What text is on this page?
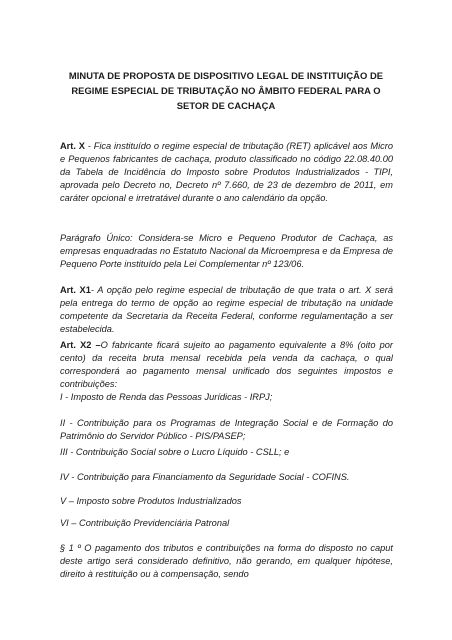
MINUTA DE PROPOSTA DE DISPOSITIVO LEGAL DE INSTITUIÇÃO DE
REGIME ESPECIAL DE TRIBUTAÇÃO NO ÂMBITO FEDERAL PARA O
SETOR DE CACHAÇA
Art. X - Fica instituído o regime especial de tributação (RET) aplicável aos Micro e Pequenos fabricantes de cachaça, produto classificado no código 22.08.40.00 da Tabela de Incidência do Imposto sobre Produtos Industrializados - TIPI, aprovada pelo Decreto no, Decreto nº 7.660, de 23 de dezembro de 2011, em caráter opcional e irretratável durante o ano calendário da opção.
Parágrafo Único: Considera-se Micro e Pequeno Produtor de Cachaça, as empresas enquadradas no Estatuto Nacional da Microempresa e da Empresa de Pequeno Porte instituído pela Lei Complementar nº 123/06.
Art. X1- A opção pelo regime especial de tributação de que trata o art. X será pela entrega do termo de opção ao regime especial de tributação na unidade competente da Secretaria da Receita Federal, conforme regulamentação a ser estabelecida.
Art. X2 –O fabricante ficará sujeito ao pagamento equivalente a 8% (oito por cento) da receita bruta mensal recebida pela venda da cachaça, o qual corresponderá ao pagamento mensal unificado dos seguintes impostos e contribuições:
I - Imposto de Renda das Pessoas Jurídicas - IRPJ;
II - Contribuição para os Programas de Integração Social e de Formação do Patrimônio do Servidor Público - PIS/PASEP;
III - Contribuição Social sobre o Lucro Líquido - CSLL; e
IV - Contribuição para Financiamento da Seguridade Social - COFINS.
V – Imposto sobre Produtos Industrializados
VI – Contribuição Previdenciária Patronal
§ 1 º O pagamento dos tributos e contribuições na forma do disposto no caput deste artigo será considerado definitivo, não gerando, em qualquer hipótese, direito à restituição ou à compensação, sendo
